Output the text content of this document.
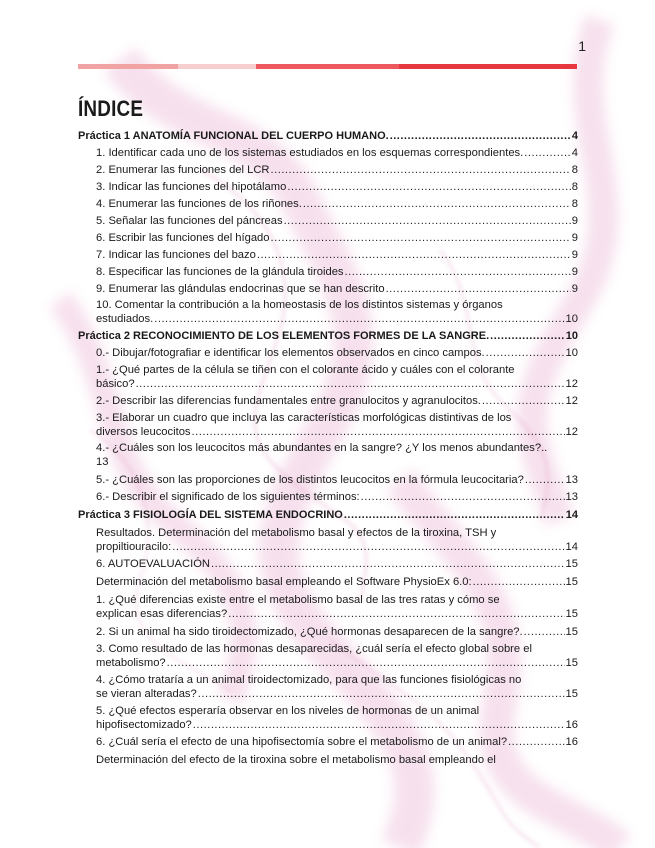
1
ÍNDICE
Práctica 1 ANATOMÍA FUNCIONAL DEL CUERPO HUMANO. .....	4
1. Identificar cada uno de los sistemas estudiados en los esquemas correspondientes. .....	4
2. Enumerar las funciones del LCR .....	8
3. Indicar las funciones del hipotálamo .....	8
4. Enumerar las funciones de los riñones. .....	8
5. Señalar las funciones del páncreas .....	9
6. Escribir las funciones del hígado .....	9
7. Indicar las funciones del bazo .....	9
8. Especificar las funciones de la glándula tiroides .....	9
9. Enumerar las glándulas endocrinas que se han descrito .....	9
10. Comentar la contribución a la homeostasis de los distintos sistemas y órganos
estudiados. .....	10
Práctica 2 RECONOCIMIENTO DE LOS ELEMENTOS FORMES DE LA SANGRE. .....	10
0.- Dibujar/fotografiar e identificar los elementos observados en cinco campos. .....	10
1.- ¿Qué partes de la célula se tiñen con el colorante ácido y cuáles con el colorante
básico? .....	12
2.- Describir las diferencias fundamentales entre granulocitos y agranulocitos. .....	12
3.- Elaborar un cuadro que incluya las características morfológicas distintivas de los
diversos leucocitos .....	12
4.- ¿Cuáles son los leucocitos más abundantes en la sangre? ¿Y los menos abundantes?..
13
5.- ¿Cuáles son las proporciones de los distintos leucocitos en la fórmula leucocitaria? .....	13
6.- Describir el significado de los siguientes términos: .....	13
Práctica 3 FISIOLOGÍA DEL SISTEMA ENDOCRINO .....	14
Resultados. Determinación del metabolismo basal y efectos de la tiroxina, TSH y
propiltiouracilo: .....	14
6. AUTOEVALUACIÓN .....	15
Determinación del metabolismo basal empleando el Software PhysioEx 6.0: .....	15
1. ¿Qué diferencias existe entre el metabolismo basal de las tres ratas y cómo se
explican esas diferencias? .....	15
2. Si un animal ha sido tiroidectomizado, ¿Qué hormonas desaparecen de la sangre?. .....	15
3. Como resultado de las hormonas desaparecidas, ¿cuál sería el efecto global sobre el
metabolismo? .....	15
4. ¿Cómo trataría a un animal tiroidectomizado, para que las funciones fisiológicas no
se vieran alteradas? .....	15
5. ¿Qué efectos esperaría observar en los niveles de hormonas de un animal
hipofisectomizado? .....	16
6. ¿Cuál sería el efecto de una hipofisectomía sobre el metabolismo de un animal? .....	16
Determinación del efecto de la tiroxina sobre el metabolismo basal empleando el
